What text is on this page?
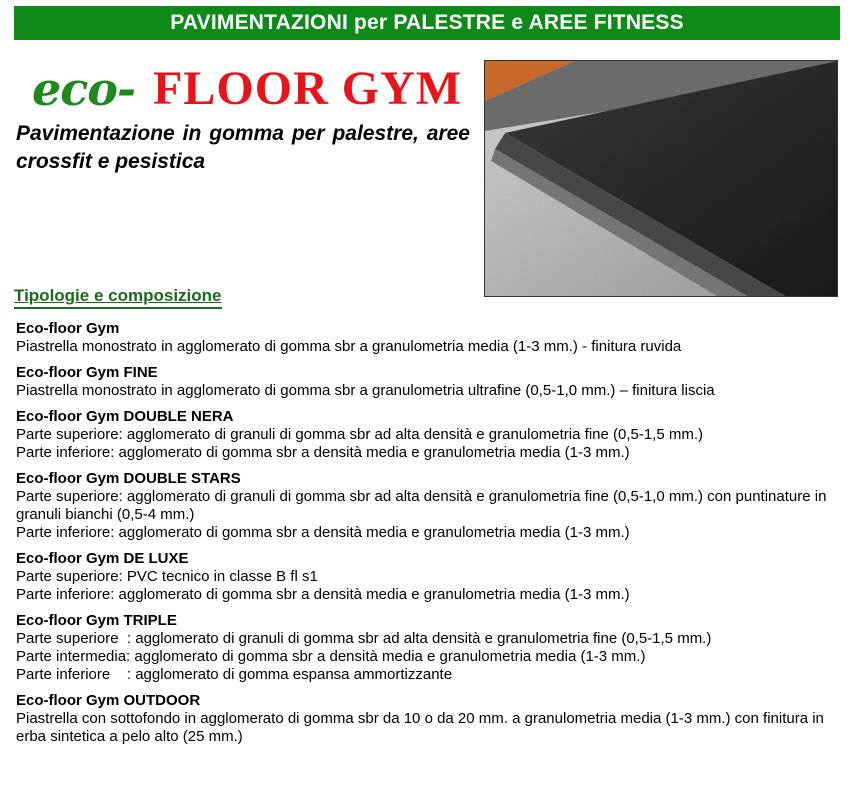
PAVIMENTAZIONI per PALESTRE e AREE FITNESS
eco- FLOOR GYM
Pavimentazione in gomma per palestre, aree crossfit e pesistica
Tipologie e composizione
Eco-floor Gym

Piastrella monostrato in agglomerato di gomma sbr a granulometria media (1-3 mm.) - finitura ruvida

Eco-floor Gym FINE

Piastrella monostrato in agglomerato di gomma sbr a granulometria ultrafine (0,5-1,0 mm.) – finitura liscia

Eco-floor Gym DOUBLE NERA

Parte superiore: agglomerato di granuli di gomma sbr ad alta densità e granulometria fine (0,5-1,5 mm.)

Parte inferiore: agglomerato di gomma sbr a densità media e granulometria media (1-3 mm.)

Eco-floor Gym DOUBLE STARS

Parte superiore: agglomerato di granuli di gomma sbr ad alta densità e granulometria fine (0,5-1,0 mm.) con puntinature in granuli bianchi (0,5-4 mm.)

Parte inferiore: agglomerato di gomma sbr a densità media e granulometria media (1-3 mm.)

Eco-floor Gym DE LUXE

Parte superiore: PVC tecnico in classe B fl s1

Parte inferiore: agglomerato di gomma sbr a densità media e granulometria media (1-3 mm.)

Eco-floor Gym TRIPLE

Parte superiore  : agglomerato di granuli di gomma sbr ad alta densità e granulometria fine (0,5-1,5 mm.)

Parte intermedia: agglomerato di gomma sbr a densità media e granulometria media (1-3 mm.)

Parte inferiore    : agglomerato di gomma espansa ammortizzante

Eco-floor Gym OUTDOOR

Piastrella con sottofondo in agglomerato di gomma sbr da 10 o da 20 mm. a granulometria media (1-3 mm.) con finitura in erba sintetica a pelo alto (25 mm.)
